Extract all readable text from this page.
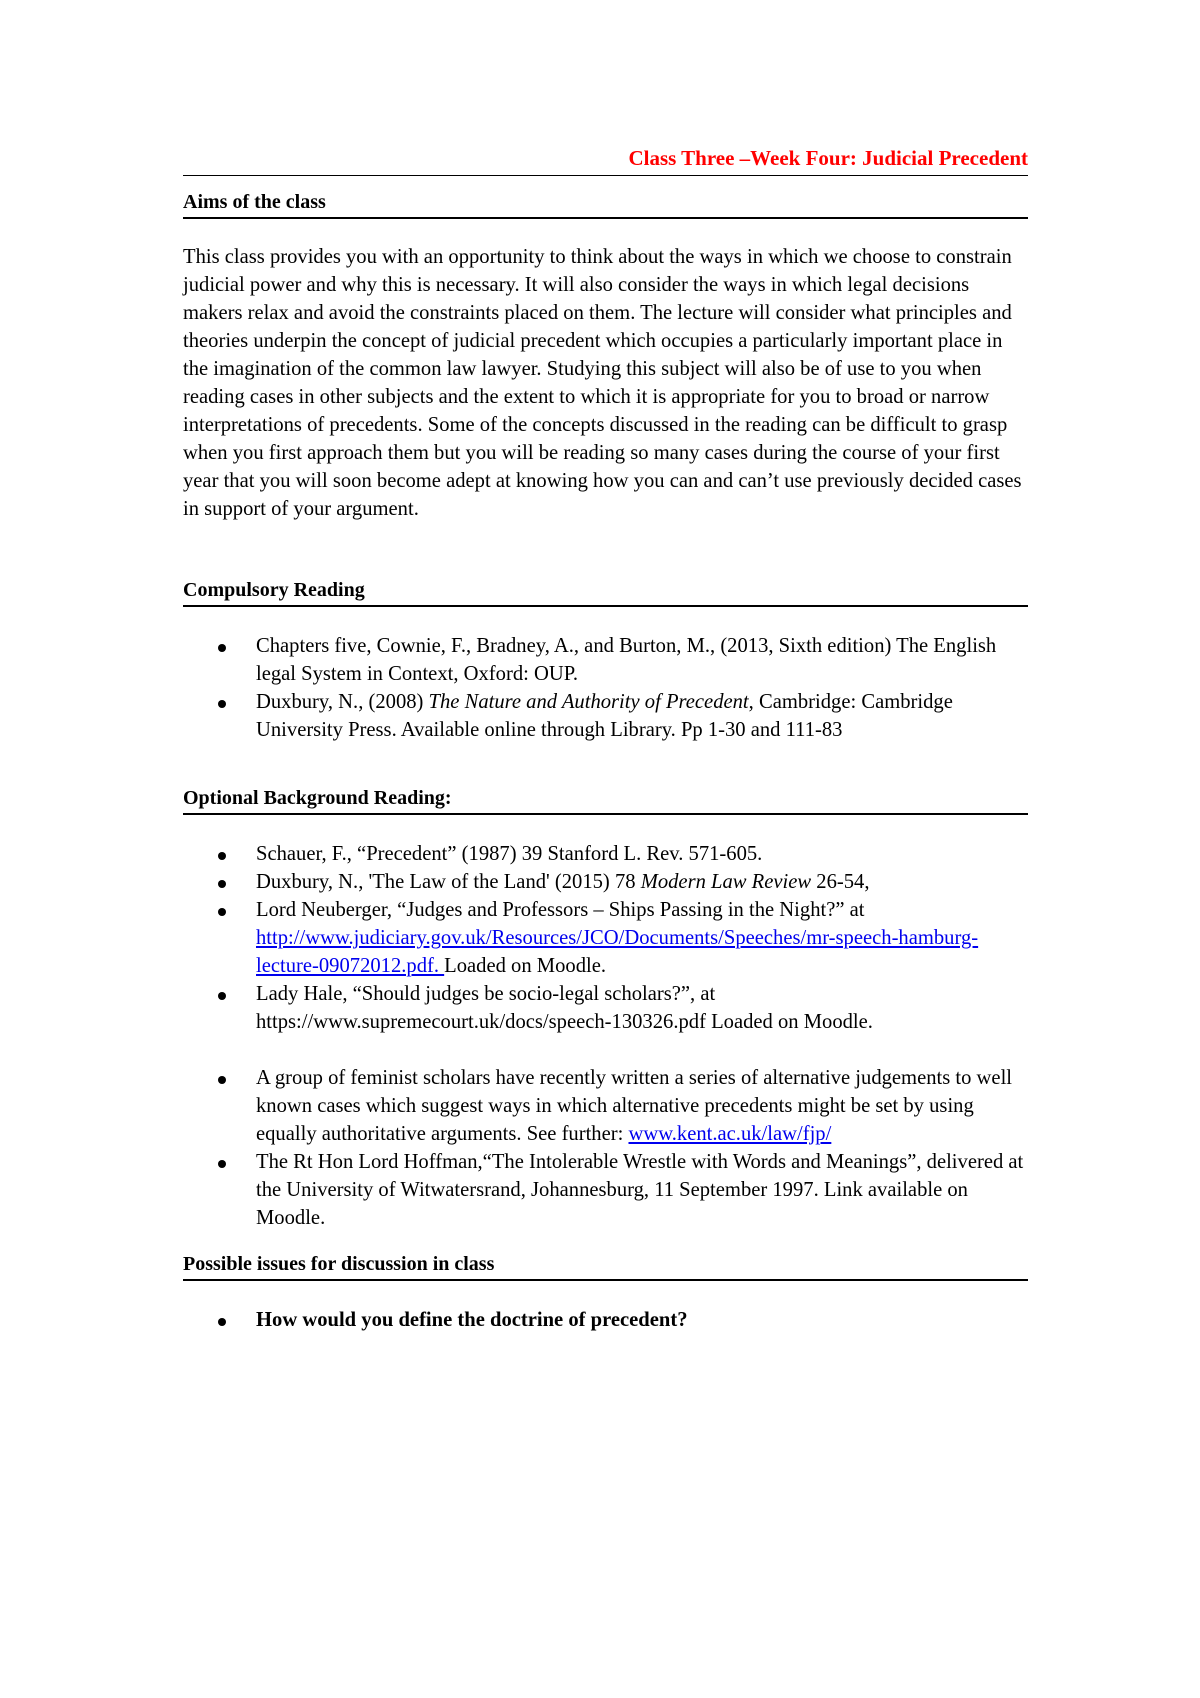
Class Three –Week Four: Judicial Precedent
Aims of the class

This class provides you with an opportunity to think about the ways in which we choose to constrain judicial power and why this is necessary. It will also consider the ways in which legal decisions makers relax and avoid the constraints placed on them. The lecture will consider what principles and theories underpin the concept of judicial precedent which occupies a particularly important place in the imagination of the common law lawyer. Studying this subject will also be of use to you when reading cases in other subjects and the extent to which it is appropriate for you to broad or narrow interpretations of precedents. Some of the concepts discussed in the reading can be difficult to grasp when you first approach them but you will be reading so many cases during the course of your first year that you will soon become adept at knowing how you can and can’t use previously decided cases in support of your argument.

Compulsory Reading
Chapters five, Cownie, F., Bradney, A., and Burton, M., (2013, Sixth edition) The English legal System in Context, Oxford: OUP.
Duxbury, N., (2008) The Nature and Authority of Precedent, Cambridge: Cambridge University Press. Available online through Library. Pp 1-30 and 111-83
Optional Background Reading:
Schauer, F., “Precedent” (1987) 39 Stanford L. Rev. 571-605.
Duxbury, N., 'The Law of the Land' (2015) 78 Modern Law Review 26-54,
Lord Neuberger, “Judges and Professors – Ships Passing in the Night?” at http://www.judiciary.gov.uk/Resources/JCO/Documents/Speeches/mr-speech-hamburg-lecture-09072012.pdf. Loaded on Moodle.
Lady Hale, “Should judges be socio-legal scholars?”, at https://www.supremecourt.uk/docs/speech-130326.pdf Loaded on Moodle.
A group of feminist scholars have recently written a series of alternative judgements to well known cases which suggest ways in which alternative precedents might be set by using equally authoritative arguments. See further: www.kent.ac.uk/law/fjp/
The Rt Hon Lord Hoffman,“The Intolerable Wrestle with Words and Meanings”, delivered at the University of Witwatersrand, Johannesburg, 11 September 1997. Link available on Moodle.
Possible issues for discussion in class
How would you define the doctrine of precedent?
